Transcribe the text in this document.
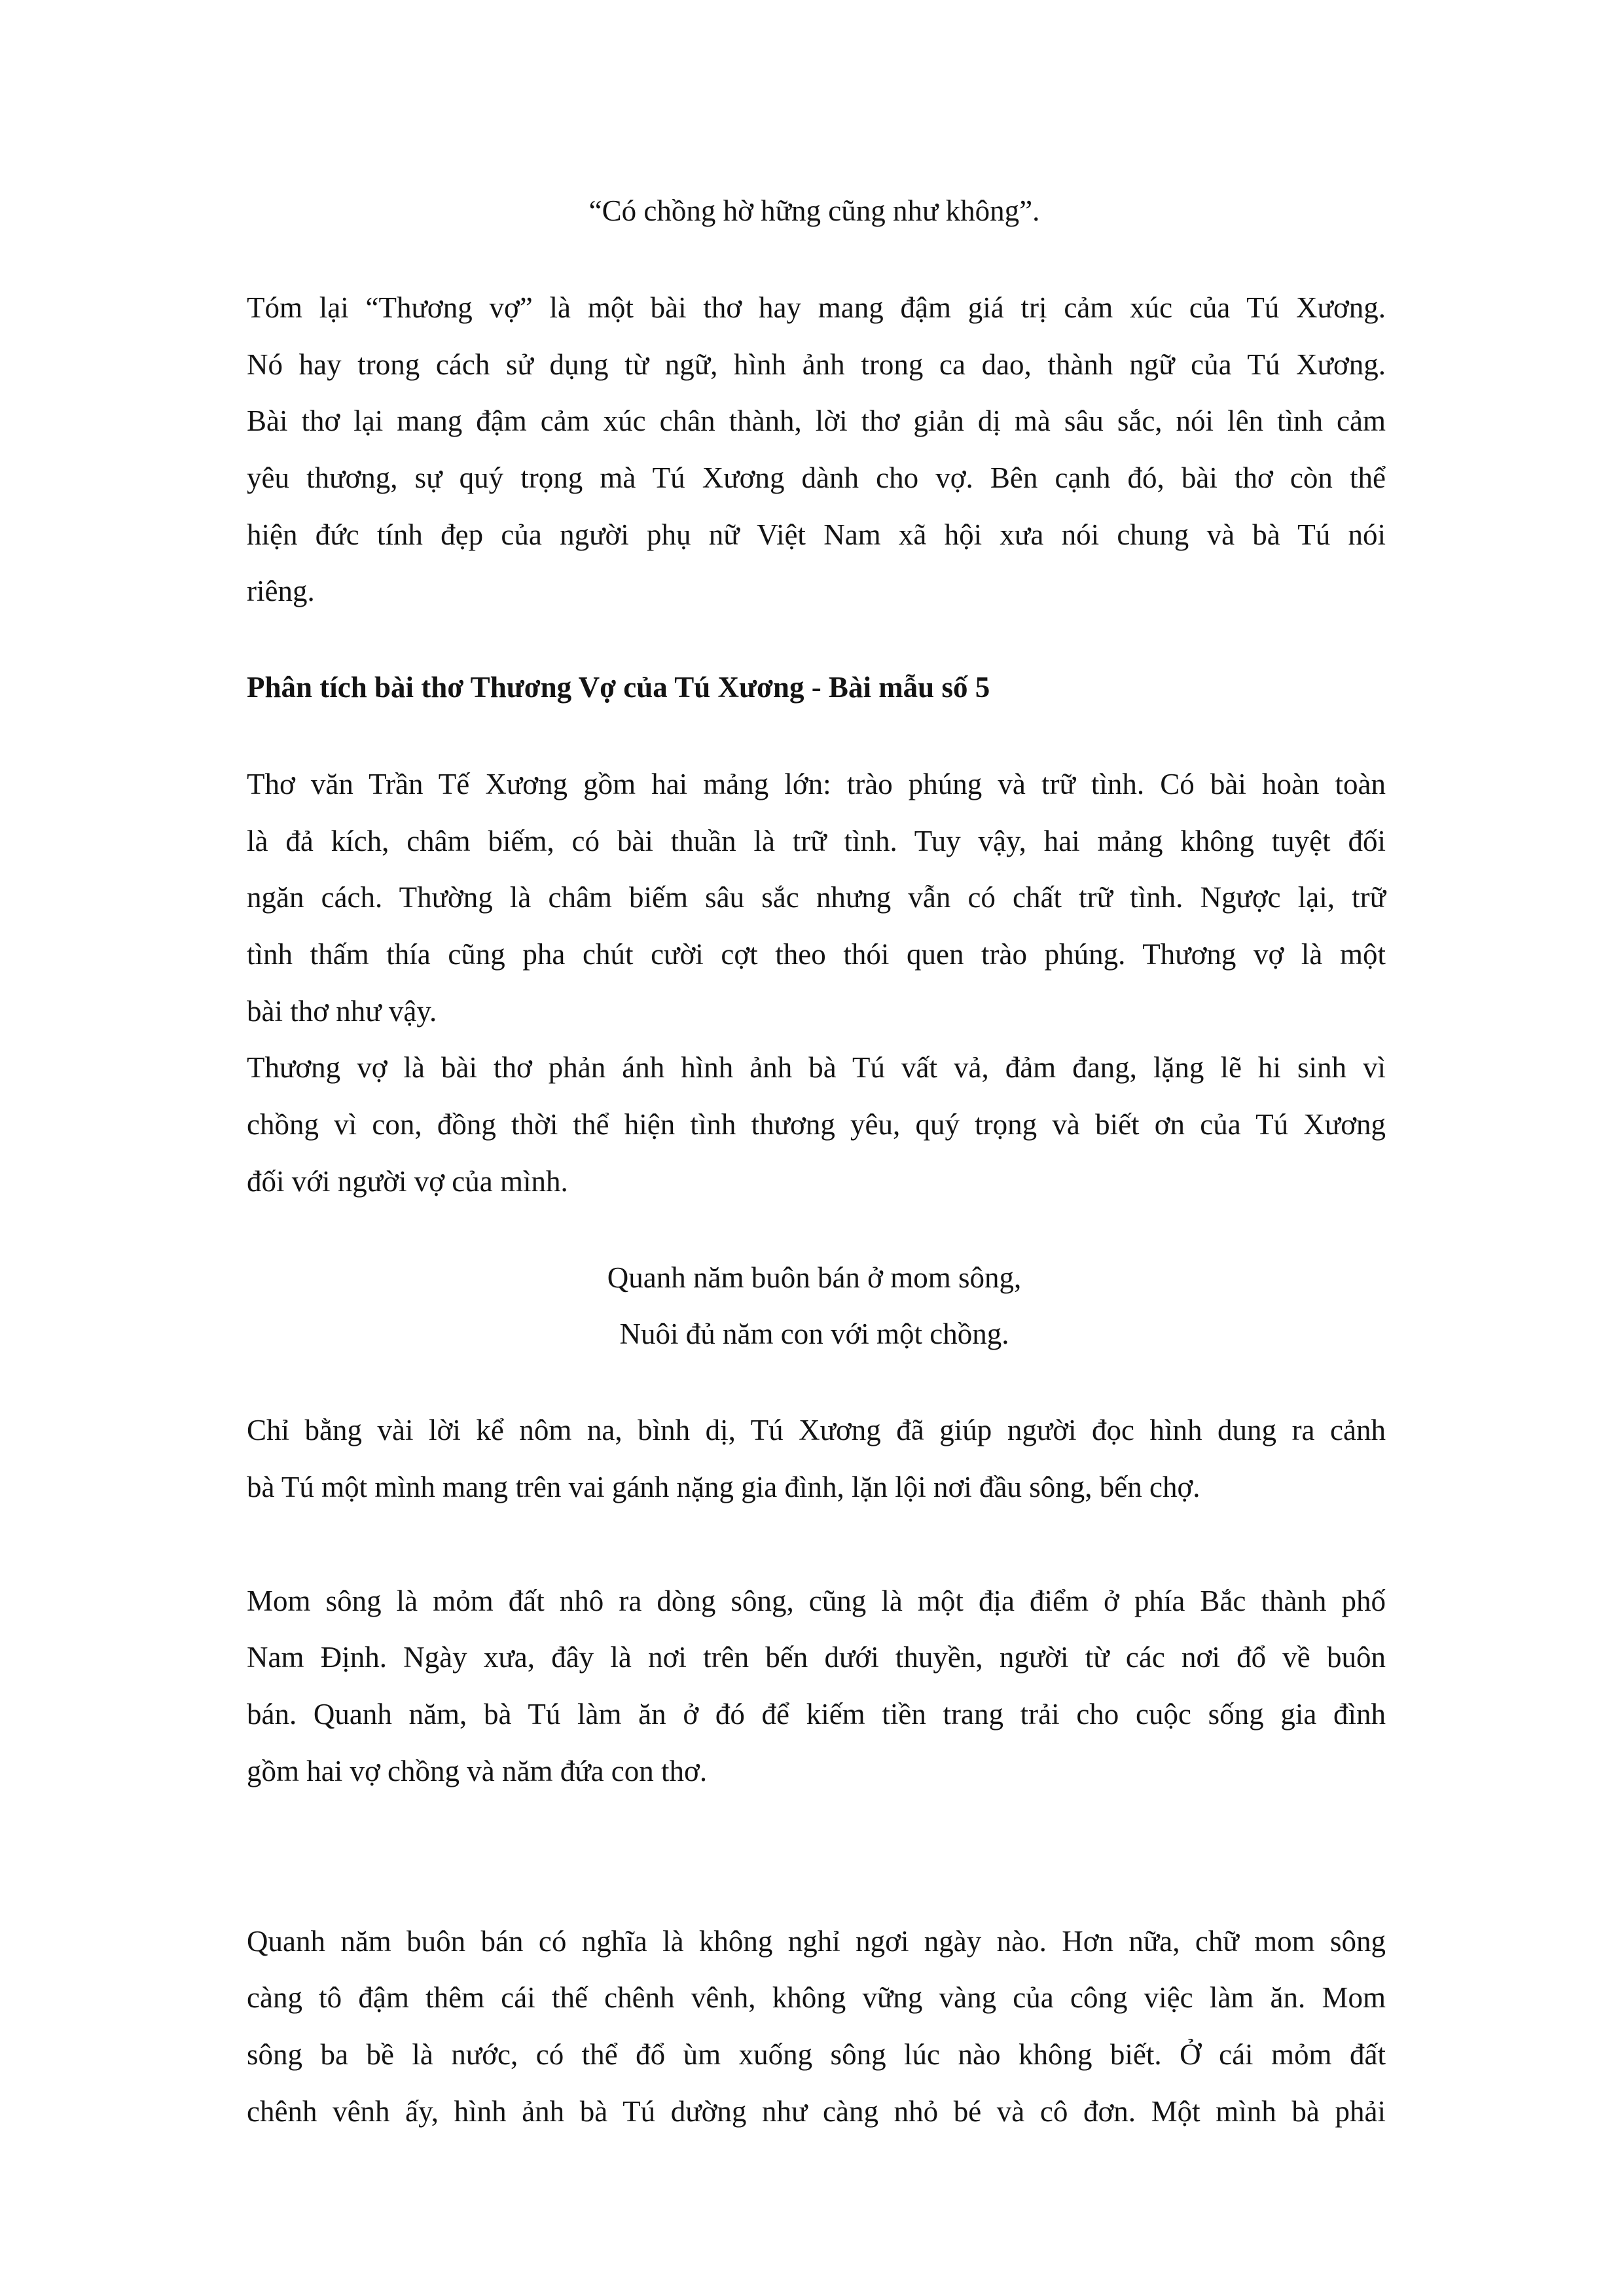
“Có chồng hờ hững cũng như không”.

Tóm lại “Thương vợ” là một bài thơ hay mang đậm giá trị cảm xúc của Tú Xương.

Nó hay trong cách sử dụng từ ngữ, hình ảnh trong ca dao, thành ngữ của Tú Xương.

Bài thơ lại mang đậm cảm xúc chân thành, lời thơ giản dị mà sâu sắc, nói lên tình cảm

yêu thương, sự quý trọng mà Tú Xương dành cho vợ. Bên cạnh đó, bài thơ còn thể

hiện đức tính đẹp của người phụ nữ Việt Nam xã hội xưa nói chung và bà Tú nói

riêng.

Phân tích bài thơ Thương Vợ của Tú Xương - Bài mẫu số 5

Thơ văn Trần Tế Xương gồm hai mảng lớn: trào phúng và trữ tình. Có bài hoàn toàn

là đả kích, châm biếm, có bài thuần là trữ tình. Tuy vậy, hai mảng không tuyệt đối

ngăn cách. Thường là châm biếm sâu sắc nhưng vẫn có chất trữ tình. Ngược lại, trữ

tình thấm thía cũng pha chút cười cợt theo thói quen trào phúng. Thương vợ là một

bài thơ như vậy.

Thương vợ là bài thơ phản ánh hình ảnh bà Tú vất vả, đảm đang, lặng lẽ hi sinh vì

chồng vì con, đồng thời thể hiện tình thương yêu, quý trọng và biết ơn của Tú Xương

đối với người vợ của mình.

Quanh năm buôn bán ở mom sông,

Nuôi đủ năm con với một chồng.

Chỉ bằng vài lời kể nôm na, bình dị, Tú Xương đã giúp người đọc hình dung ra cảnh

bà Tú một mình mang trên vai gánh nặng gia đình, lặn lội nơi đầu sông, bến chợ.

Mom sông là mỏm đất nhô ra dòng sông, cũng là một địa điểm ở phía Bắc thành phố

Nam Định. Ngày xưa, đây là nơi trên bến dưới thuyền, người từ các nơi đổ về buôn

bán. Quanh năm, bà Tú làm ăn ở đó để kiếm tiền trang trải cho cuộc sống gia đình

gồm hai vợ chồng và năm đứa con thơ.

Quanh năm buôn bán có nghĩa là không nghỉ ngơi ngày nào. Hơn nữa, chữ mom sông

càng tô đậm thêm cái thế chênh vênh, không vững vàng của công việc làm ăn. Mom

sông ba bề là nước, có thể đổ ùm xuống sông lúc nào không biết. Ở cái mỏm đất

chênh vênh ấy, hình ảnh bà Tú dường như càng nhỏ bé và cô đơn. Một mình bà phải
